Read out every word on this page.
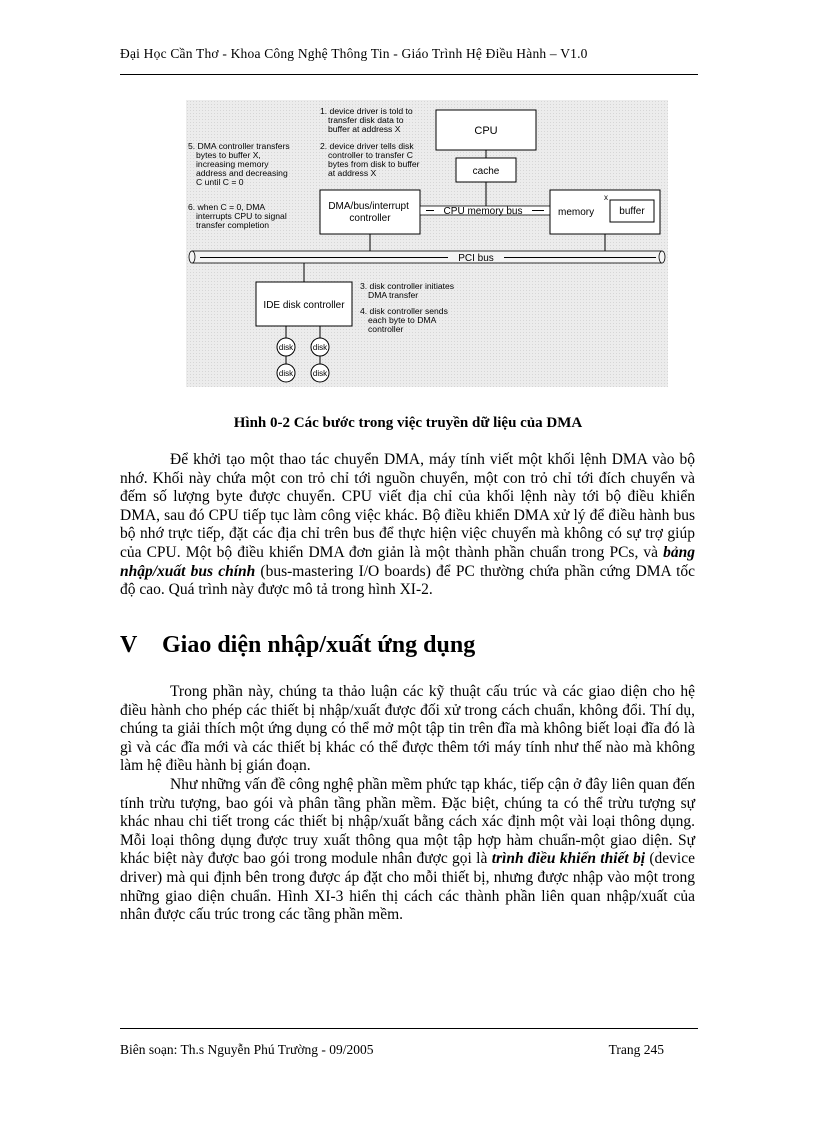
Đại Học Cần Thơ - Khoa Công Nghệ Thông Tin - Giáo Trình Hệ Điều Hành – V1.0
1. device driver is told to transfer disk data to buffer at address X
2. device driver tells disk controller to transfer C bytes from disk to buffer at address X
5. DMA controller transfers bytes to buffer X, increasing memory address and decreasing C until C = 0
6. when C = 0, DMA interrupts CPU to signal transfer completion
CPU
cache
DMA/bus/interrupt controller
CPU memory bus	memory
x
buffer
PCI bus
IDE disk controller
3. disk controller initiates DMA transfer
4. disk controller sends each byte to DMA controller
disk disk
disk disk
Hình 0-2 Các bước trong việc truyền dữ liệu của DMA
Để khởi tạo một thao tác chuyển DMA, máy tính viết một khối lệnh DMA vào bộ nhớ. Khối này chứa một con trỏ chỉ tới nguồn chuyển, một con trỏ chỉ tới đích chuyển và đếm số lượng byte được chuyển. CPU viết địa chỉ của khối lệnh này tới bộ điều khiển DMA, sau đó CPU tiếp tục làm công việc khác. Bộ điều khiển DMA xử lý để điều hành bus bộ nhớ trực tiếp, đặt các địa chỉ trên bus để thực hiện việc chuyển mà không có sự trợ giúp của CPU. Một bộ điều khiển DMA đơn giản là một thành phần chuẩn trong PCs, và bảng nhập/xuất bus chính (bus-mastering I/O boards) để PC thường chứa phần cứng DMA tốc độ cao. Quá trình này được mô tả trong hình XI-2.
V Giao diện nhập/xuất ứng dụng
Trong phần này, chúng ta thảo luận các kỹ thuật cấu trúc và các giao diện cho hệ điều hành cho phép các thiết bị nhập/xuất được đối xử trong cách chuẩn, không đổi. Thí dụ, chúng ta giải thích một ứng dụng có thể mở một tập tin trên đĩa mà không biết loại đĩa đó là gì và các đĩa mới và các thiết bị khác có thể được thêm tới máy tính như thế nào mà không làm hệ điều hành bị gián đoạn.
Như những vấn đề công nghệ phần mềm phức tạp khác, tiếp cận ở đây liên quan đến tính trừu tượng, bao gói và phân tầng phần mềm. Đặc biệt, chúng ta có thể trừu tượng sự khác nhau chi tiết trong các thiết bị nhập/xuất bằng cách xác định một vài loại thông dụng. Mỗi loại thông dụng được truy xuất thông qua một tập hợp hàm chuẩn-một giao diện. Sự khác biệt này được bao gói trong module nhân được gọi là trình điều khiển thiết bị (device driver) mà qui định bên trong được áp đặt cho mỗi thiết bị, nhưng được nhập vào một trong những giao diện chuẩn. Hình XI-3 hiển thị cách các thành phần liên quan nhập/xuất của nhân được cấu trúc trong các tầng phần mềm.
Biên soạn: Th.s Nguyễn Phú Trường - 09/2005	Trang 245
